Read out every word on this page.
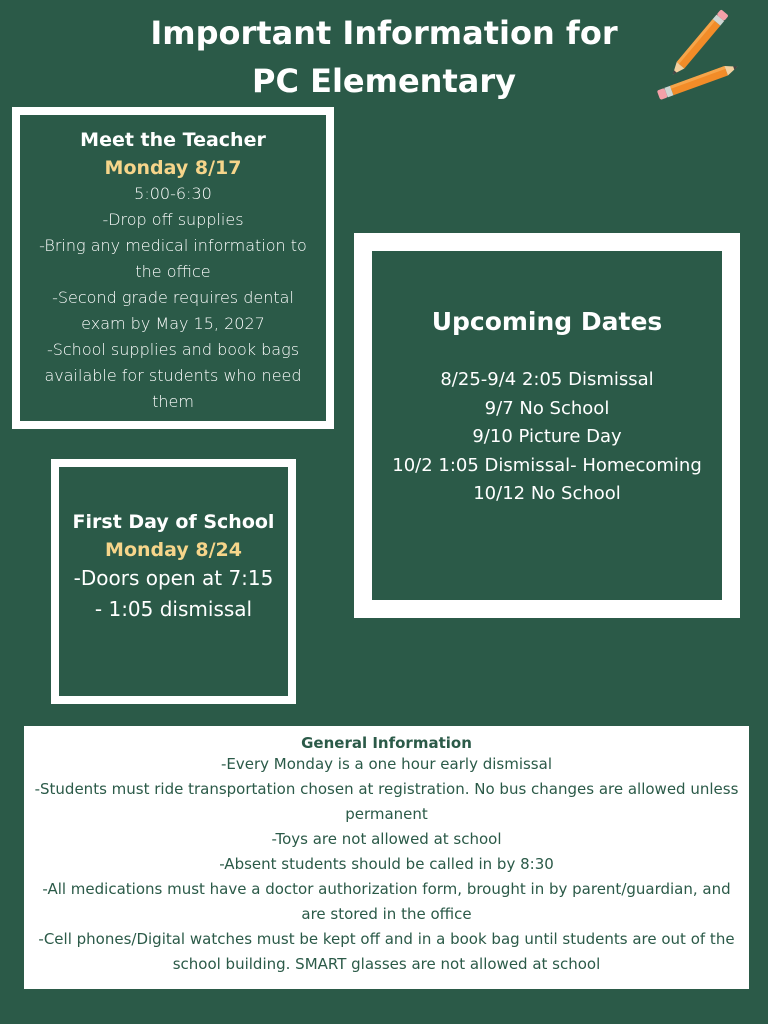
Important Information for
PC Elementary
Meet the Teacher
Monday 8/17
5:00-6:30
-Drop off supplies
-Bring any medical information to the office
-Second grade requires dental exam by May 15, 2027
-School supplies and book bags available for students who need them
First Day of School
Monday 8/24
-Doors open at 7:15
- 1:05 dismissal
Upcoming Dates
8/25-9/4 2:05 Dismissal
9/7 No School
9/10 Picture Day
10/2 1:05 Dismissal- Homecoming
10/12 No School
General Information
-Every Monday is a one hour early dismissal
-Students must ride transportation chosen at registration. No bus changes are allowed unless permanent
-Toys are not allowed at school
-Absent students should be called in by 8:30
-All medications must have a doctor authorization form, brought in by parent/guardian, and are stored in the office
-Cell phones/Digital watches must be kept off and in a book bag until students are out of the school building. SMART glasses are not allowed at school
